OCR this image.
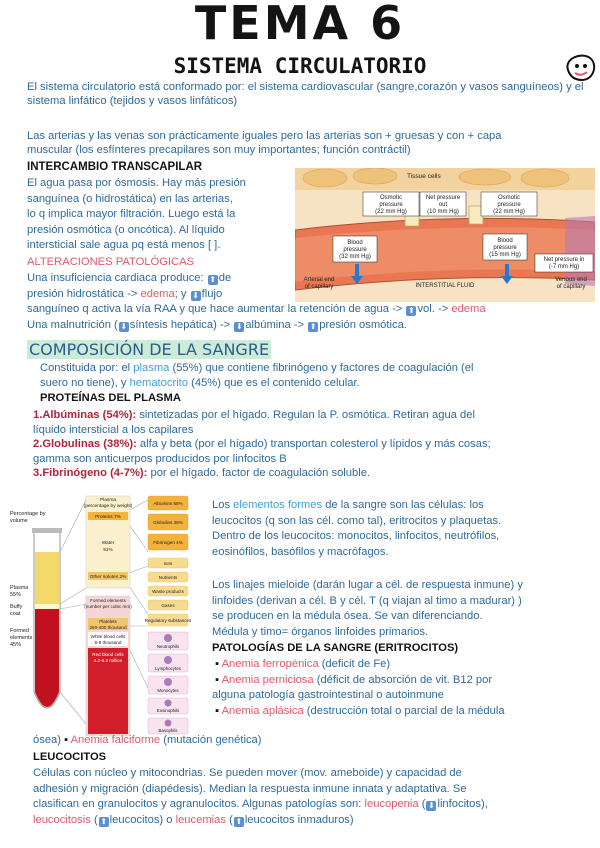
TEMA 6
SISTEMA CIRCULATORIO
El sistema circulatorio está conformado por: el sistema cardiovascular (sangre,corazón y vasos sanguíneos) y el sistema linfático (tejidos y vasos linfáticos)
Las arterias y las venas son prácticamente iguales pero las arterias son + gruesas y con + capa
muscular (los esfínteres precapilares son muy importantes; función contráctil)
INTERCAMBIO TRANSCAPILAR
El agua pasa por ósmosis. Hay más presión
sanguínea (o hidrostática) en las arterias,
lo q implica mayor filtración. Luego está la
presión osmótica (o oncótica). Al líquido
intersticial sale agua pq está menos [ ].
ALTERACIONES PATOLÓGICAS
Una insuficiencia cardiaca produce: ⬆ de
presión hidrostática -> edema; y ⬇ flujo
sanguíneo q activa la vía RAA y que hace aumentar la retención de agua -> ⬆ vol. -> edema
Una malnutrición ( ⬇ síntesis hepática) -> ⬇ albúmina -> ⬆ presión osmótica.
Tissue cells
Osmotic
pressure
(22 mm Hg)
Net pressure
out
(10 mm Hg)
Osmotic
pressure
(22 mm Hg)
Blood
pressure
(32 mm Hg)
Blood
pressure
(15 mm Hg)
Net pressure in
(-7 mm Hg)
Arterial end
of capillary	INTERSTITIAL FLUID
Venous end
of capillary
COMPOSICIÓN DE LA SANGRE
Constituida por: el plasma (55%) que contiene fibrinógeno y factores de coagulación (el
suero no tiene), y hematocrito (45%) que es el contenido celular.
PROTEÍNAS DEL PLASMA
1.Albúminas (54%): sintetizadas por el hígado. Regulan la P. osmótica. Retiran agua del
líquido intersticial a los capilares
2.Globulinas (38%): alfa y beta (por el hígado) transportan colesterol y lípidos y más cosas;
gamma son anticuerpos producidos por linfocitos B
3.Fibrinógeno (4-7%): por el hígado. factor de coagulación soluble.
Percentage by
volume
Plasma
55%
Buffy
coat
Formed
elements
45%
Plasma
(percentage by weight)
Proteins 7%
Water
91%
Other solutes 2%
Formed elements
(number per cubic mm)
Platelets
250-400 thousand
White blood cells
5-9 thousand
Red blood cells
4.2-6.2 million
Albumins 58%
Globulins 38%
Fibrinogen 4%
Ions
Nutrients
Waste products
Gases
Regulatory substances
Neutrophils
Lymphocytes
Monocytes
Eosinophils
Basophils
Los elementos formes de la sangre son las células: los
leucocitos (q son las cél. como tal), eritrocitos y plaquetas.
Dentro de los leucocitos: monocitos, linfocitos, neutrófilos,
eosinófilos, basófilos y macrófagos.
Los linajes mieloide (darán lugar a cél. de respuesta inmune) y
linfoides (derivan a cél. B y cél. T (q viajan al timo a madurar) )
se producen en la médula ósea. Se van diferenciando.
Médula y timo= órganos linfoides primarios.
PATOLOGÍAS DE LA SANGRE (ERITROCITOS)
▪ Anemia ferropénica (deficit de Fe)
▪ Anemia perniciosa (déficit de absorción de vit. B12 por
alguna patología gastrointestinal o autoinmune
▪ Anemia aplásica (destrucción total o parcial de la médula
ósea) ▪ Anemia falciforme (mutación genética)
LEUCOCITOS
Células con núcleo y mitocondrias. Se pueden mover (mov. ameboide) y capacidad de
adhesión y migración (diapédesis). Median la respuesta inmune innata y adaptativa. Se
clasifican en granulocitos y agranulocitos. Algunas patologías son: leucopenia ( ⬇ linfocitos),
leucocitosis ( ⬆ leucocitos) o leucemias ( ⬆ leucocitos inmaduros)
